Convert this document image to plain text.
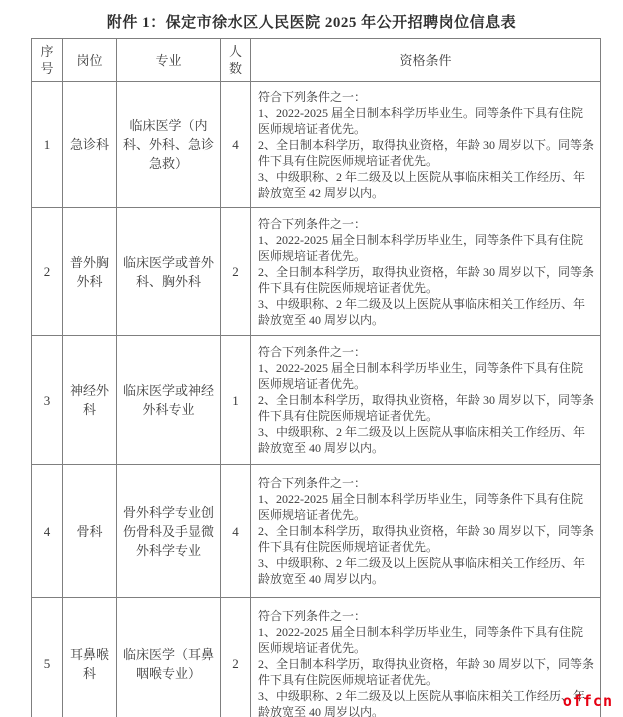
附件 1：保定市徐水区人民医院 2025 年公开招聘岗位信息表
序号	岗位	专业	人数	资格条件
1	急诊科	临床医学（内科、外科、急诊急救）	4	符合下列条件之一：
1、2022-2025 届全日制本科学历毕业生。同等条件下具有住院医师规培证者优先。
2、全日制本科学历，取得执业资格，年龄 30 周岁以下。同等条件下具有住院医师规培证者优先。
3、中级职称、2 年二级及以上医院从事临床相关工作经历、年龄放宽至 42 周岁以内。

2	普外胸外科	临床医学或普外科、胸外科	2	符合下列条件之一：
1、2022-2025 届全日制本科学历毕业生，同等条件下具有住院医师规培证者优先。
2、全日制本科学历，取得执业资格，年龄 30 周岁以下，同等条件下具有住院医师规培证者优先。
3、中级职称、2 年二级及以上医院从事临床相关工作经历、年龄放宽至 40 周岁以内。

3	神经外科	临床医学或神经外科专业	1	符合下列条件之一：
1、2022-2025 届全日制本科学历毕业生，同等条件下具有住院医师规培证者优先。
2、全日制本科学历，取得执业资格，年龄 30 周岁以下，同等条件下具有住院医师规培证者优先。
3、中级职称、2 年二级及以上医院从事临床相关工作经历、年龄放宽至 40 周岁以内。

4	骨科	骨外科学专业创伤骨科及手显微外科学专业	4	符合下列条件之一：
1、2022-2025 届全日制本科学历毕业生，同等条件下具有住院医师规培证者优先。
2、全日制本科学历，取得执业资格，年龄 30 周岁以下，同等条件下具有住院医师规培证者优先。
3、中级职称、2 年二级及以上医院从事临床相关工作经历、年龄放宽至 40 周岁以内。

5	耳鼻喉科	临床医学（耳鼻咽喉专业）	2	符合下列条件之一：
1、2022-2025 届全日制本科学历毕业生，同等条件下具有住院医师规培证者优先。
2、全日制本科学历，取得执业资格，年龄 30 周岁以下，同等条件下具有住院医师规培证者优先。
3、中级职称、2 年二级及以上医院从事临床相关工作经历、年龄放宽至 40 周岁以内。
offcn
